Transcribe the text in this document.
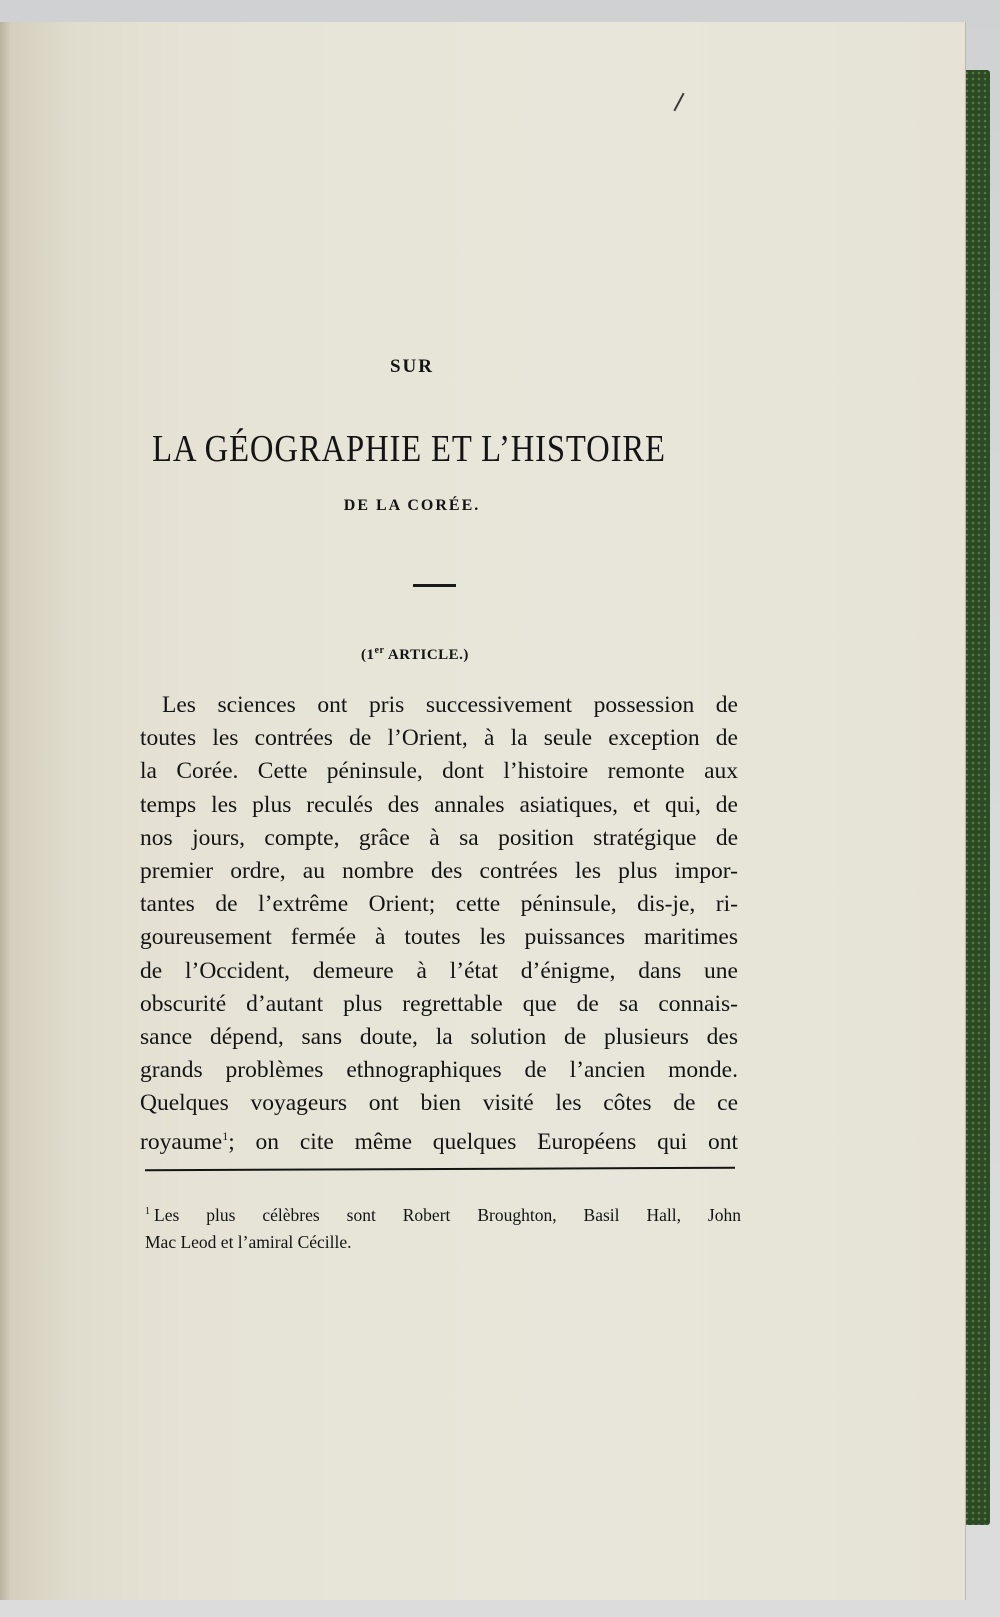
SUR
LA GÉOGRAPHIE ET L’HISTOIRE
DE LA CORÉE.
(1er ARTICLE.)
Les sciences ont pris successivement possession de
toutes les contrées de l’Orient, à la seule exception de
la Corée. Cette péninsule, dont l’histoire remonte aux
temps les plus reculés des annales asiatiques, et qui, de
nos jours, compte, grâce à sa position stratégique de
premier ordre, au nombre des contrées les plus impor-
tantes de l’extrême Orient; cette péninsule, dis-je, ri-
goureusement fermée à toutes les puissances maritimes
de l’Occident, demeure à l’état d’énigme, dans une
obscurité d’autant plus regrettable que de sa connais-
sance dépend, sans doute, la solution de plusieurs des
grands problèmes ethnographiques de l’ancien monde.
Quelques voyageurs ont bien visité les côtes de ce
royaume$^1$; on cite même quelques Européens qui ont
$^1$ Les plus célèbres sont Robert Broughton, Basil Hall, John
Mac Leod et l’amiral Cécille.
